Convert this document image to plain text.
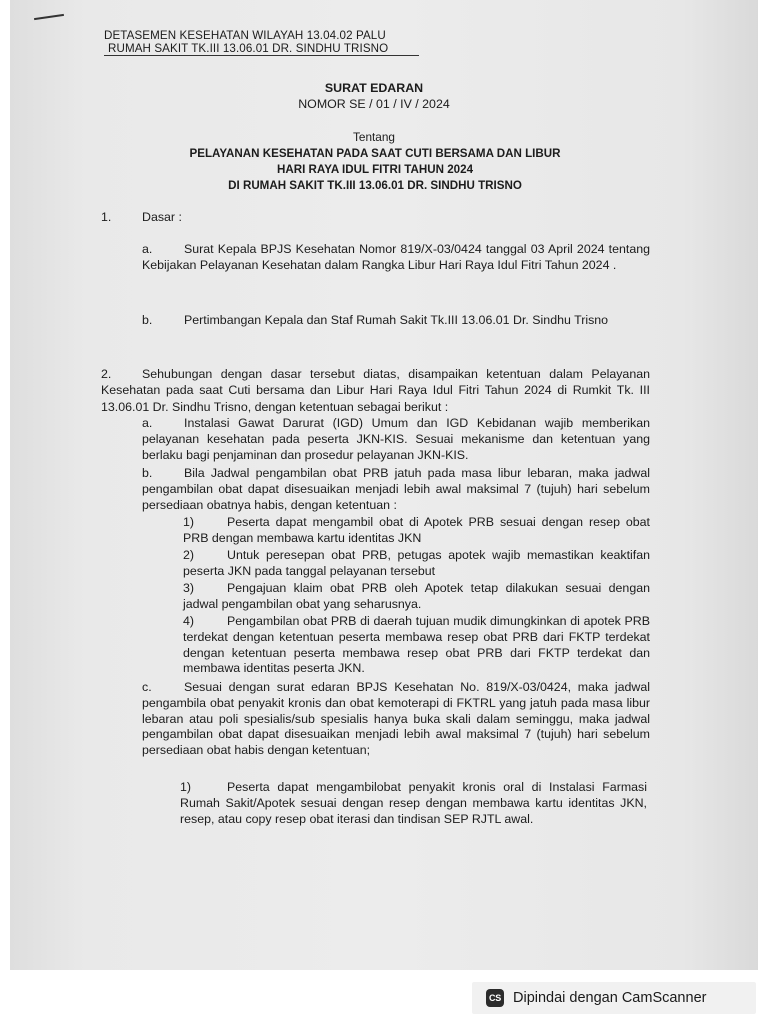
DETASEMEN KESEHATAN WILAYAH 13.04.02 PALU
RUMAH SAKIT TK.III 13.06.01 DR. SINDHU TRISNO
SURAT EDARAN
NOMOR SE / 01 / IV / 2024
Tentang
PELAYANAN KESEHATAN PADA SAAT CUTI BERSAMA DAN LIBUR
HARI RAYA IDUL FITRI TAHUN 2024
DI RUMAH SAKIT TK.III 13.06.01 DR. SINDHU TRISNO
1. Dasar :
a.	Surat Kepala BPJS Kesehatan Nomor 819/X-03/0424 tanggal 03 April 2024 tentang Kebijakan Pelayanan Kesehatan dalam Rangka Libur Hari Raya Idul Fitri Tahun 2024 .
b.	Pertimbangan Kepala dan Staf Rumah Sakit Tk.III 13.06.01 Dr. Sindhu Trisno
2. Sehubungan dengan dasar tersebut diatas, disampaikan ketentuan dalam Pelayanan Kesehatan pada saat Cuti bersama dan Libur Hari Raya Idul Fitri Tahun 2024 di Rumkit Tk. III 13.06.01 Dr. Sindhu Trisno, dengan ketentuan sebagai berikut :
a.	Instalasi Gawat Darurat (IGD) Umum dan IGD Kebidanan wajib memberikan pelayanan kesehatan pada peserta JKN-KIS. Sesuai mekanisme dan ketentuan yang berlaku bagi penjaminan dan prosedur pelayanan JKN-KIS.
b.	Bila Jadwal pengambilan obat PRB jatuh pada masa libur lebaran, maka jadwal pengambilan obat dapat disesuaikan menjadi lebih awal maksimal 7 (tujuh) hari sebelum persediaan obatnya habis, dengan ketentuan :
1)	Peserta dapat mengambil obat di Apotek PRB sesuai dengan resep obat PRB dengan membawa kartu identitas JKN
2)	Untuk peresepan obat PRB, petugas apotek wajib memastikan keaktifan peserta JKN pada tanggal pelayanan tersebut
3)	Pengajuan klaim obat PRB oleh Apotek tetap dilakukan sesuai dengan jadwal pengambilan obat yang seharusnya.
4)	Pengambilan obat PRB di daerah tujuan mudik dimungkinkan di apotek PRB terdekat dengan ketentuan peserta membawa resep obat PRB dari FKTP terdekat dengan ketentuan peserta membawa resep obat PRB dari FKTP terdekat dan membawa identitas peserta JKN.
c.	Sesuai dengan surat edaran BPJS Kesehatan No. 819/X-03/0424, maka jadwal pengambila obat penyakit kronis dan obat kemoterapi di FKTRL yang jatuh pada masa libur lebaran atau poli spesialis/sub spesialis hanya buka skali dalam seminggu, maka jadwal pengambilan obat dapat disesuaikan menjadi lebih awal maksimal 7 (tujuh) hari sebelum persediaan obat habis dengan ketentuan;
1)	Peserta dapat mengambilobat penyakit kronis oral di Instalasi Farmasi Rumah Sakit/Apotek sesuai dengan resep dengan membawa kartu identitas JKN, resep, atau copy resep obat iterasi dan tindisan SEP RJTL awal.
CS Dipindai dengan CamScanner
